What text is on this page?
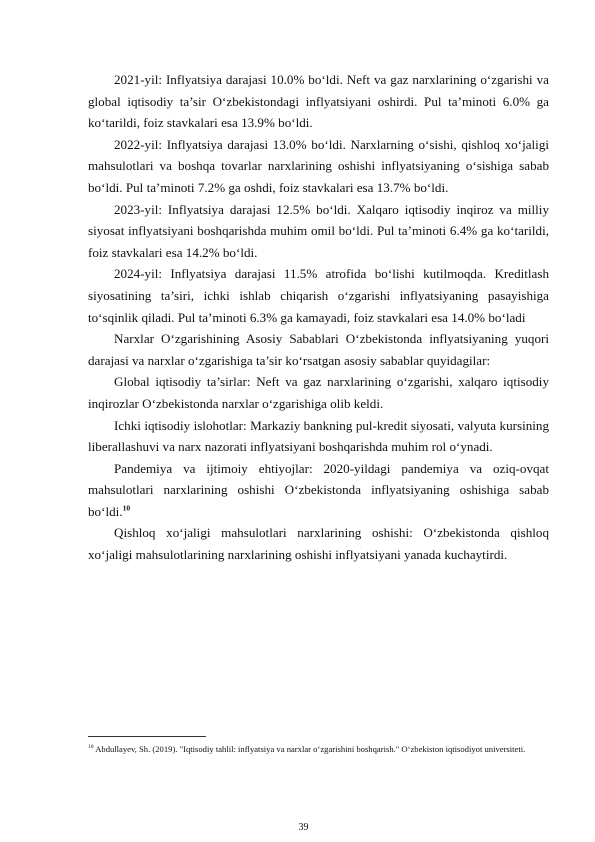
2021-yil: Inflyatsiya darajasi 10.0% bo‘ldi. Neft va gaz narxlarining o‘zgarishi va global iqtisodiy ta’sir O‘zbekistondagi inflyatsiyani oshirdi. Pul ta’minoti 6.0% ga ko‘tarildi, foiz stavkalari esa 13.9% bo‘ldi.

2022-yil: Inflyatsiya darajasi 13.0% bo‘ldi. Narxlarning o‘sishi, qishloq xo‘jaligi mahsulotlari va boshqa tovarlar narxlarining oshishi inflyatsiyaning o‘sishiga sabab bo‘ldi. Pul ta’minoti 7.2% ga oshdi, foiz stavkalari esa 13.7% bo‘ldi.

2023-yil: Inflyatsiya darajasi 12.5% bo‘ldi. Xalqaro iqtisodiy inqiroz va milliy siyosat inflyatsiyani boshqarishda muhim omil bo‘ldi. Pul ta’minoti 6.4% ga ko‘tarildi, foiz stavkalari esa 14.2% bo‘ldi.

2024-yil: Inflyatsiya darajasi 11.5% atrofida bo‘lishi kutilmoqda. Kreditlash siyosatining ta’siri, ichki ishlab chiqarish o‘zgarishi inflyatsiyaning pasayishiga to‘sqinlik qiladi. Pul ta’minoti 6.3% ga kamayadi, foiz stavkalari esa 14.0% bo‘ladi

Narxlar O‘zgarishining Asosiy Sabablari O‘zbekistonda inflyatsiyaning yuqori darajasi va narxlar o‘zgarishiga ta’sir ko‘rsatgan asosiy sabablar quyidagilar:

Global iqtisodiy ta’sirlar: Neft va gaz narxlarining o‘zgarishi, xalqaro iqtisodiy inqirozlar O‘zbekistonda narxlar o‘zgarishiga olib keldi.

Ichki iqtisodiy islohotlar: Markaziy bankning pul-kredit siyosati, valyuta kursining liberallashuvi va narx nazorati inflyatsiyani boshqarishda muhim rol o‘ynadi.

Pandemiya va ijtimoiy ehtiyojlar: 2020-yildagi pandemiya va oziq-ovqat mahsulotlari narxlarining oshishi O‘zbekistonda inflyatsiyaning oshishiga sabab bo‘ldi.$^{10}$

Qishloq xo‘jaligi mahsulotlari narxlarining oshishi: O‘zbekistonda qishloq xo‘jaligi mahsulotlarining narxlarining oshishi inflyatsiyani yanada kuchaytirdi.

$^{10}$ Abdullayev, Sh. (2019). "Iqtisodiy tahlil: inflyatsiya va narxlar o‘zgarishini boshqarish." O‘zbekiston iqtisodiyot universiteti.

39
